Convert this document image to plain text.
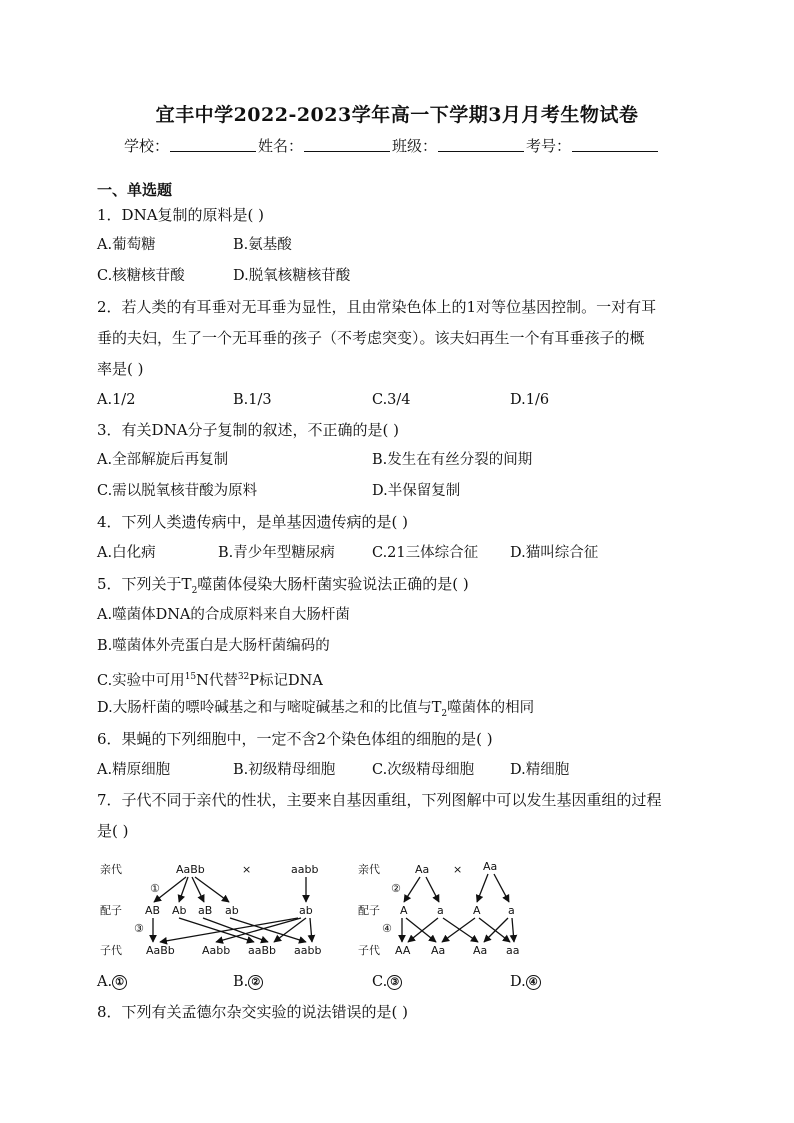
宜丰中学2022-2023学年高一下学期3月月考生物试卷
学校：	姓名：	班级：	考号：
一、单选题
1．DNA复制的原料是( )
A.葡萄糖	B.氨基酸
C.核糖核苷酸	D.脱氧核糖核苷酸
2．若人类的有耳垂对无耳垂为显性，且由常染色体上的1对等位基因控制。一对有耳
垂的夫妇，生了一个无耳垂的孩子（不考虑突变）。该夫妇再生一个有耳垂孩子的概
率是( )
A.1/2	B.1/3	C.3/4	D.1/6
3．有关DNA分子复制的叙述，不正确的是( )
A.全部解旋后再复制	B.发生在有丝分裂的间期
C.需以脱氧核苷酸为原料	D.半保留复制
4．下列人类遗传病中，是单基因遗传病的是( )
A.白化病	B.青少年型糖尿病	C.21三体综合征 D.猫叫综合征
5．下列关于$T_2$噬菌体侵染大肠杆菌实验说法正确的是( )
A.噬菌体DNA的合成原料来自大肠杆菌
B.噬菌体外壳蛋白是大肠杆菌编码的
C.实验中可用$^{15}$N代替$^{32}$P标记DNA
D.大肠杆菌的嘌呤碱基之和与嘧啶碱基之和的比值与$T_2$噬菌体的相同
6．果蝇的下列细胞中，一定不含2个染色体组的细胞的是( )
A.精原细胞	B.初级精母细胞	C.次级精母细胞 D.精细胞
7．子代不同于亲代的性状，主要来自基因重组，下列图解中可以发生基因重组的过程
是( )
亲代
配子
子代
AaBb	×	aabb
①
③
AB Ab aB ab	ab
AaBb Aabb aaBb aabb
亲代
配子
子代
Aa × Aa
②
④
A	a	A a
AA Aa	Aa aa
A. ①	B. ②	C. ③	D. ④
8．下列有关孟德尔杂交实验的说法错误的是( )
